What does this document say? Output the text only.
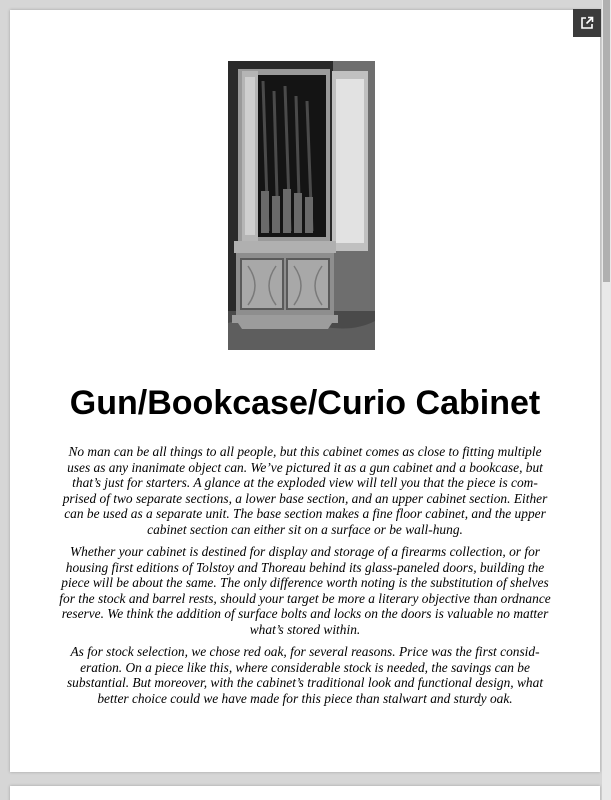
Gun/Bookcase/Curio Cabinet

No man can be all things to all people, but this cabinet comes as close to fitting multiple uses as any inanimate object can. We’ve pictured it as a gun cabinet and a bookcase, but that’s just for starters. A glance at the exploded view will tell you that the piece is com-prised of two separate sections, a lower base section, and an upper cabinet section. Either can be used as a separate unit. The base section makes a fine floor cabinet, and the upper cabinet section can either sit on a surface or be wall-hung.

Whether your cabinet is destined for display and storage of a firearms collection, or for housing first editions of Tolstoy and Thoreau behind its glass-paneled doors, building the piece will be about the same. The only difference worth noting is the substitution of shelves for the stock and barrel rests, should your target be more a literary objective than ordnance reserve. We think the addition of surface bolts and locks on the doors is valuable no matter what’s stored within.

As for stock selection, we chose red oak, for several reasons. Price was the first consid-eration. On a piece like this, where considerable stock is needed, the savings can be substantial. But moreover, with the cabinet’s traditional look and functional design, what better choice could we have made for this piece than stalwart and sturdy oak.
